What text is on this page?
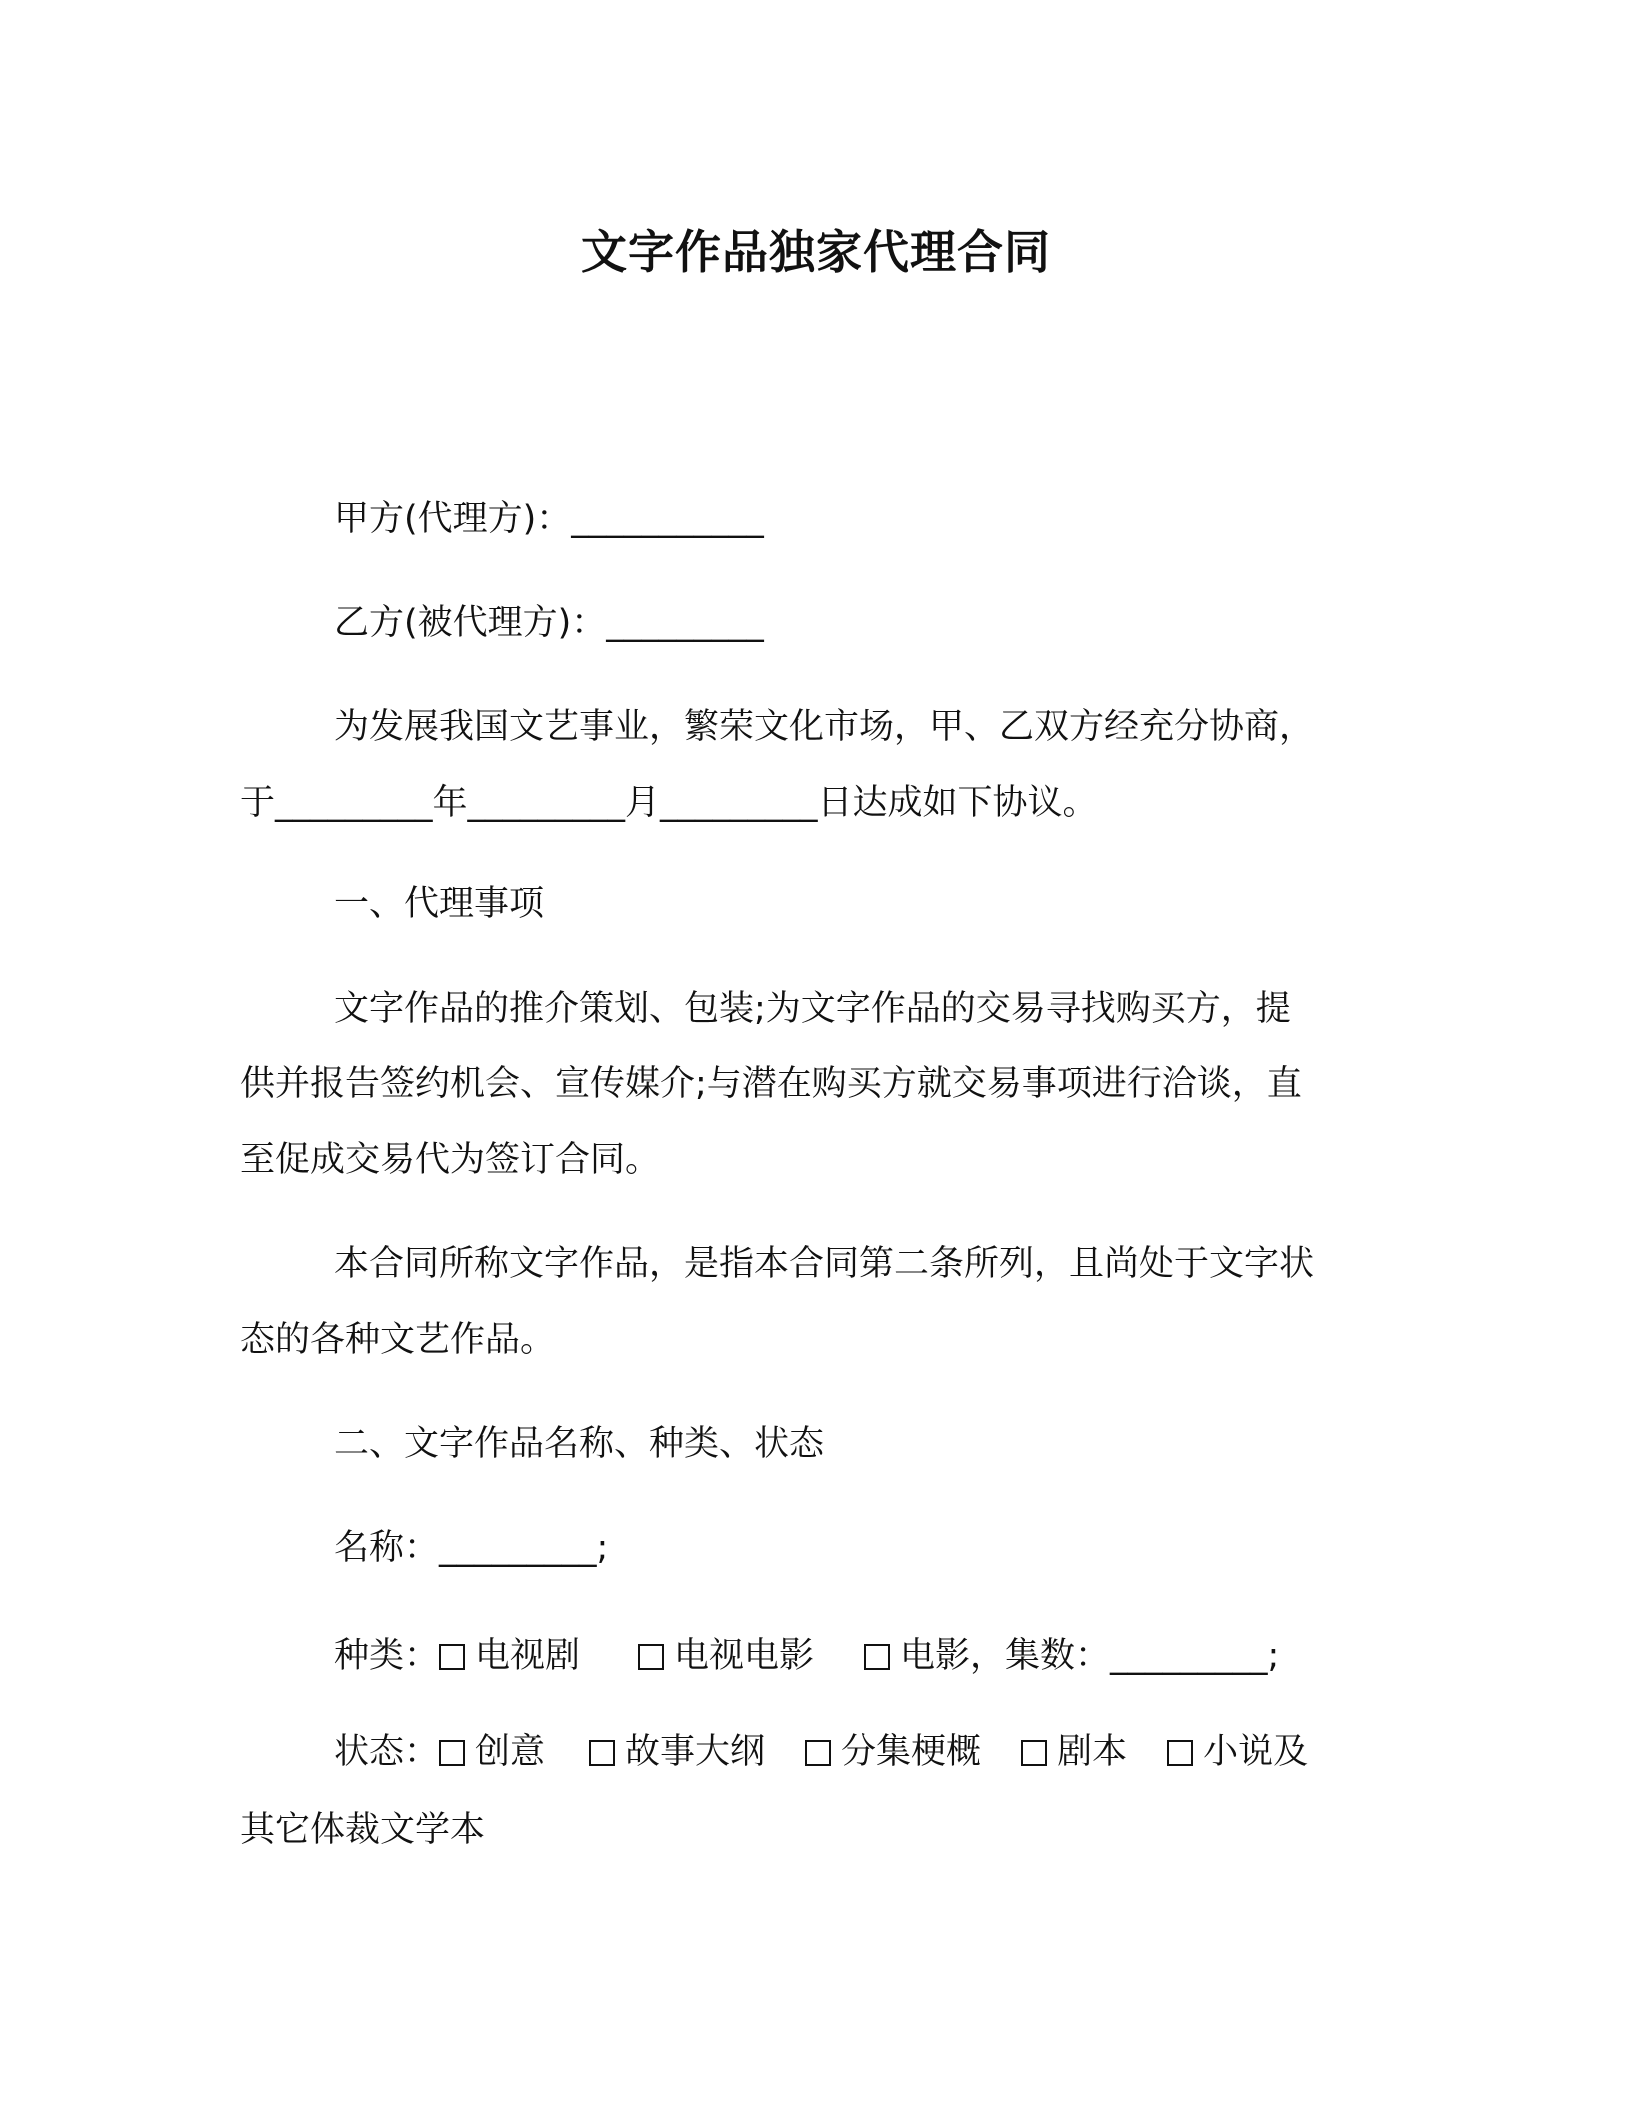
文字作品独家代理合同
甲方(代理方)：___________
乙方(被代理方)：_________
为发展我国文艺事业，繁荣文化市场，甲、乙双方经充分协商，
于_________年_________月_________日达成如下协议。
一、代理事项
文字作品的推介策划、包装;为文字作品的交易寻找购买方，提
供并报告签约机会、宣传媒介;与潜在购买方就交易事项进行洽谈，直
至促成交易代为签订合同。
本合同所称文字作品，是指本合同第二条所列，且尚处于文字状
态的各种文艺作品。
二、文字作品名称、种类、状态
名称：_________;
种类： 电视剧	电视电影 电影，集数：_________;
状态： 创意 故事大纲 分集梗概 剧本 小说及
其它体裁文学本
